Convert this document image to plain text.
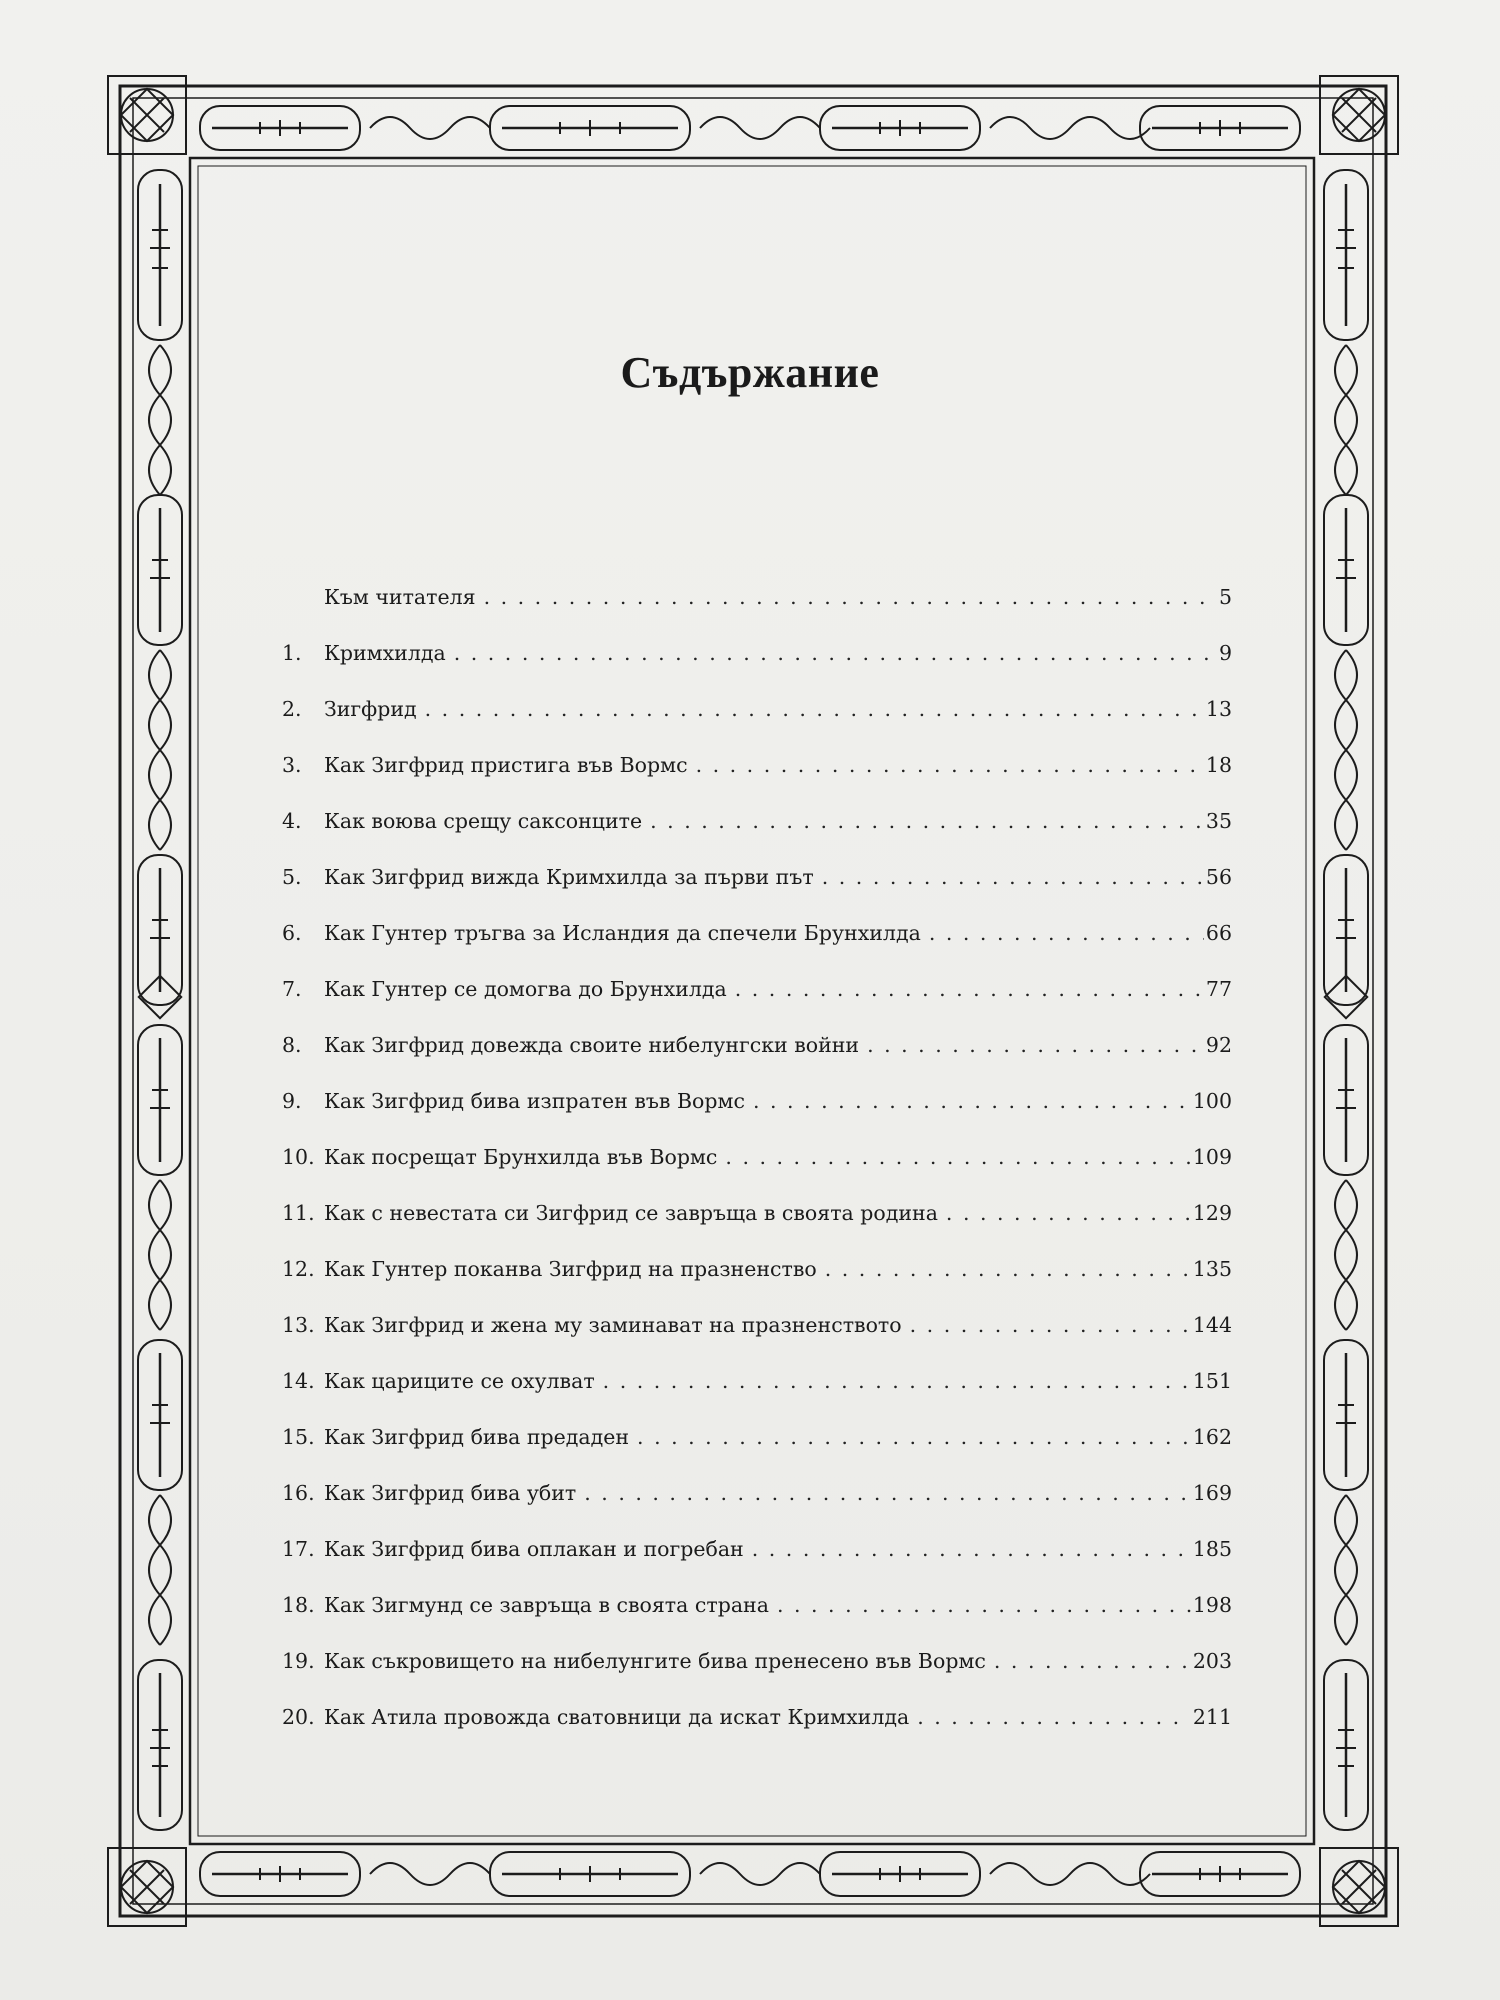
Съдържание
Към читателя . . .	5
1.	Кримхилда . . .	9
2.	Зигфрид . . .	13
3.	Как Зигфрид пристига във Вормс . . .	18
4.	Как воюва срещу саксонците . . .	35
5.	Как Зигфрид вижда Кримхилда за първи път . . .	56
6.	Как Гунтер тръгва за Исландия да спечели Брунхилда . . .	66
7.	Как Гунтер се домогва до Брунхилда . . .	77
8.	Как Зигфрид довежда своите нибелунгски войни . . .	92
9.	Как Зигфрид бива изпратен във Вормс . . .	100
10. Как посрещат Брунхилда във Вормс . . .	109
11. Как с невестата си Зигфрид се завръща в своята родина . . .	129
12. Как Гунтер поканва Зигфрид на празненство . . .	135
13. Как Зигфрид и жена му заминават на празненството . . .	144
14. Как цариците се охулват . . .	151
15. Как Зигфрид бива предаден . . .	162
16. Как Зигфрид бива убит . . .	169
17. Как Зигфрид бива оплакан и погребан . . .	185
18. Как Зигмунд се завръща в своята страна . . .	198
19. Как съкровището на нибелунгите бива пренесено във Вормс . . .	203
20. Как Атила провожда сватовници да искат Кримхилда . . .	211
